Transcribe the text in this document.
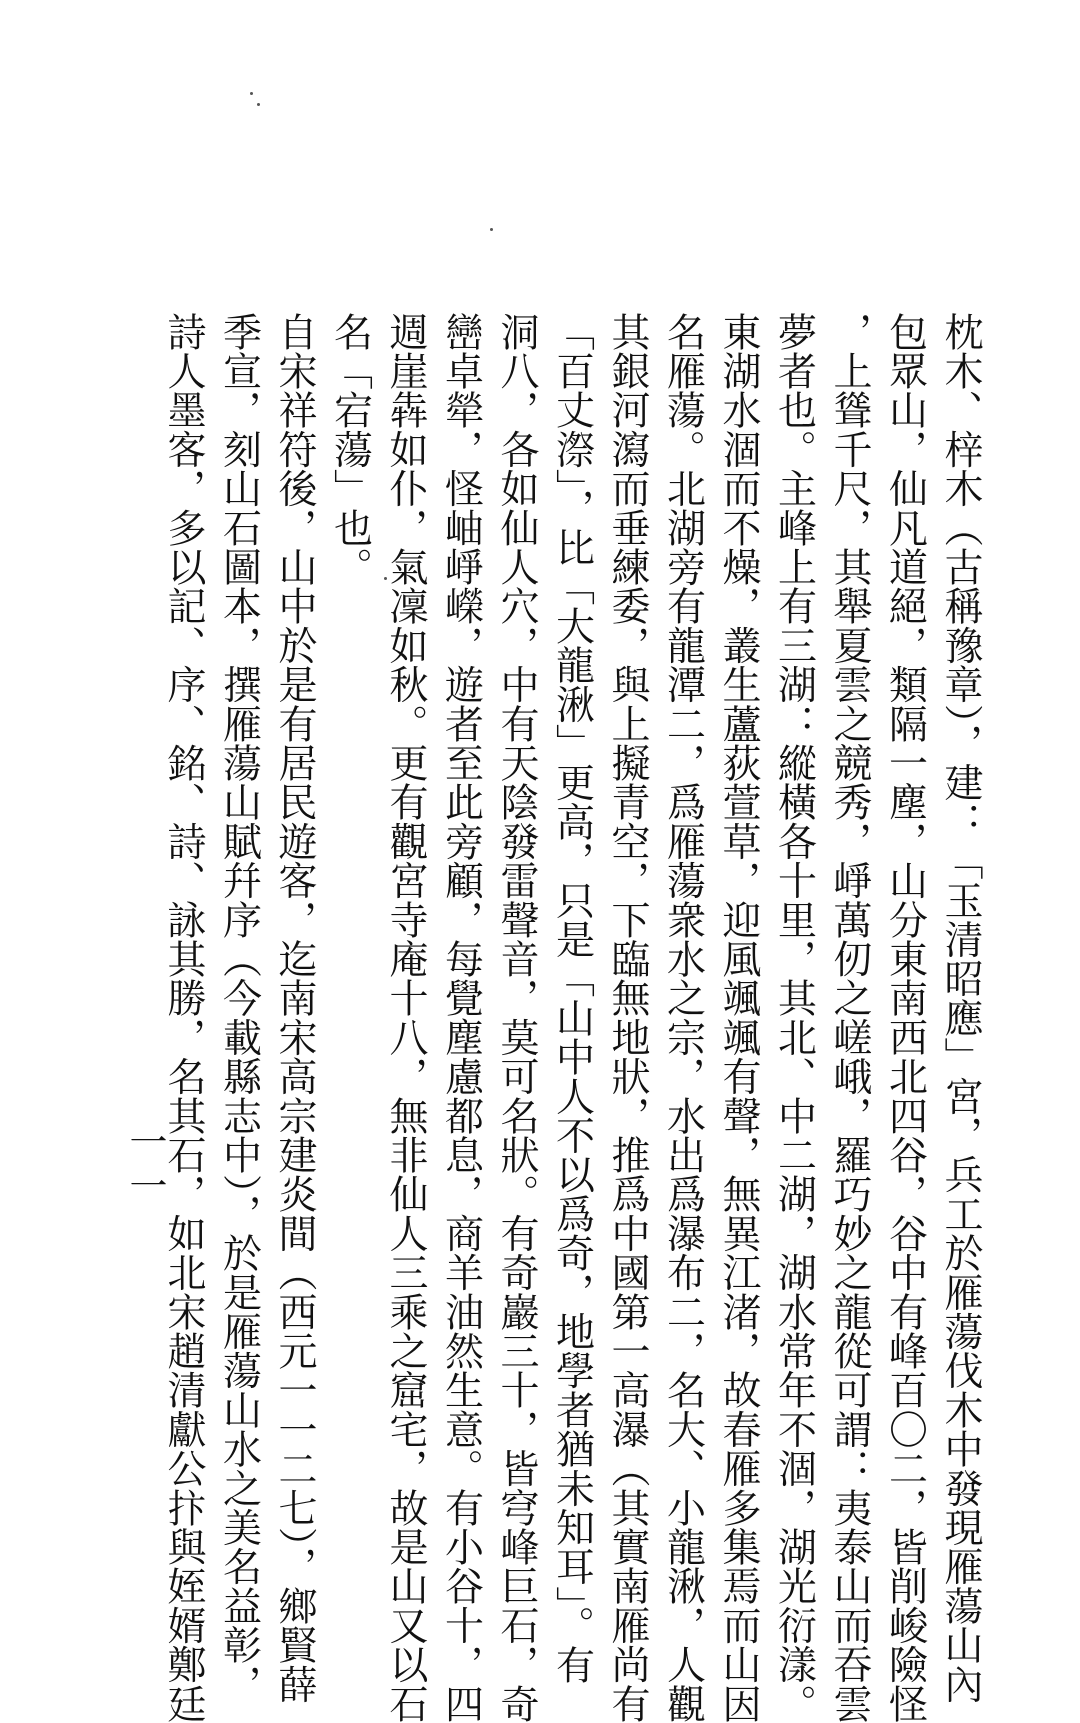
枕木、梓木（古稱豫章），建：「玉清昭應」宮，兵工於雁蕩伐木中發現雁蕩山內
包眾山，仙凡道絕，類隔一塵，山分東南西北四谷，谷中有峰百〇二，皆削峻險怪
，上聳千尺，其舉夏雲之競秀，崢萬仞之嵯峨，羅巧妙之龍從可謂：夷泰山而吞雲
夢者也。主峰上有三湖：縱橫各十里，其北、中二湖，湖水常年不涸，湖光衍漾。
東湖水涸而不燥，叢生蘆荻萱草，迎風颯颯有聲，無異江渚，故春雁多集焉而山因
名雁蕩。北湖旁有龍潭二，爲雁蕩衆水之宗，水出爲瀑布二，名大、小龍湫，人觀
其銀河瀉而垂練委，與上擬青空，下臨無地狀，推爲中國第一高瀑（其實南雁尚有
「百丈漈」，比「大龍湫」更高，只是「山中人不以爲奇，地學者猶未知耳」。有
洞八，各如仙人穴，中有天陰發雷聲音，莫可名狀。有奇巖三十，皆穹峰巨石，奇
巒卓犖，怪岫崢嶸，遊者至此旁顧，每覺塵慮都息，商羊油然生意。有小谷十，四
週崖犇如仆，氣凜如秋。更有觀宮寺庵十八，無非仙人三乘之窟宅，故是山又以石
名「宕蕩」也。
自宋祥符後，山中於是有居民遊客，迄南宋高宗建炎間（西元一一二七），鄉賢薛
季宣，刻山石圖本，撰雁蕩山賦幷序（今載縣志中），於是雁蕩山水之美名益彰，
詩人墨客，多以記、序、銘、詩、詠其勝，名其石，如北宋趙清獻公抃與姪婿鄭廷
一一
